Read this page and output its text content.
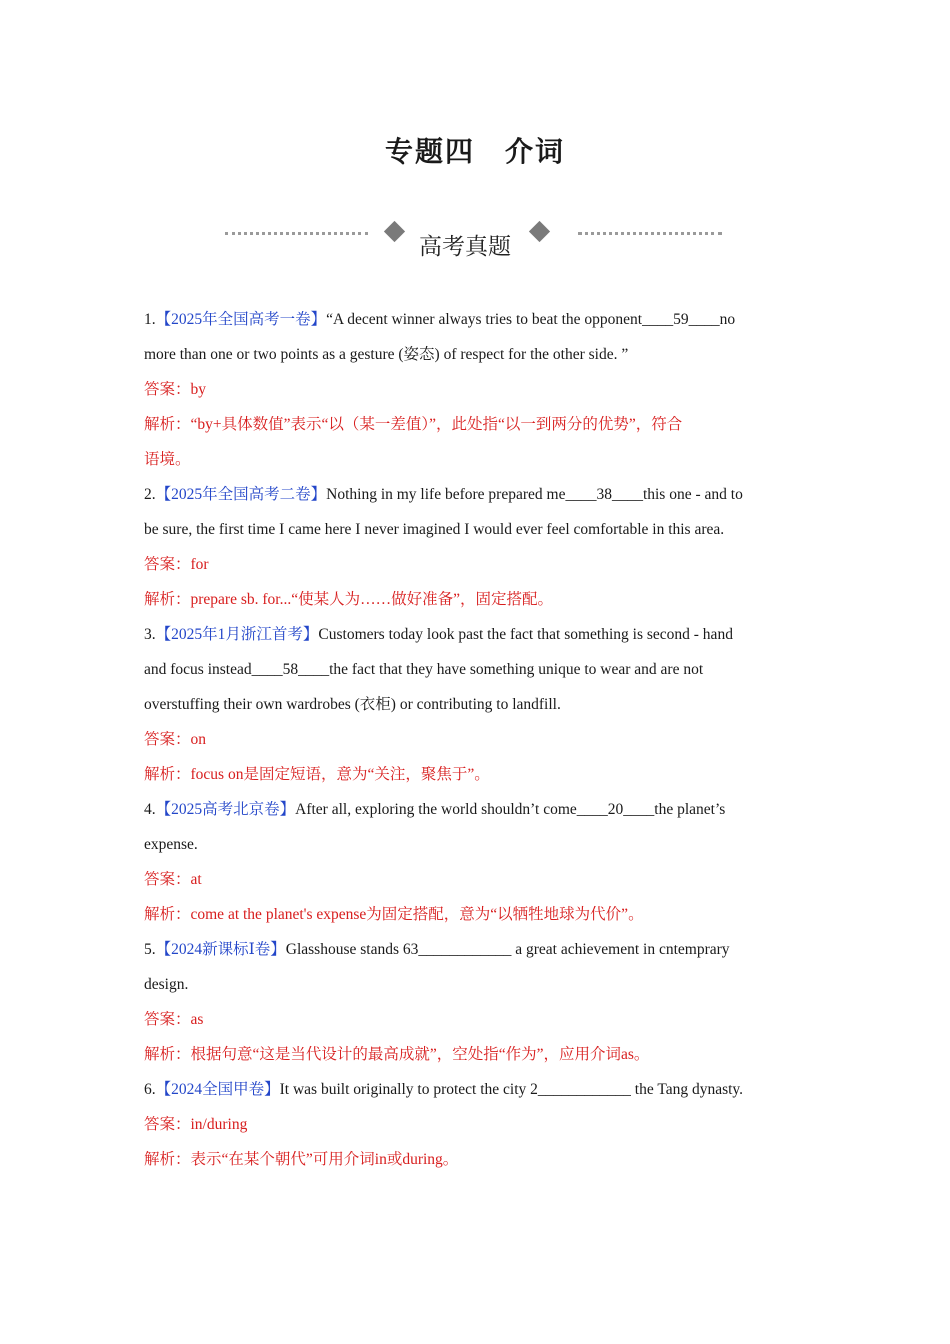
专题四　介词
高考真题
1.【2025年全国高考一卷】“A decent winner always tries to beat the opponent____59____no
more than one or two points as a gesture (姿态) of respect for the other side. ”
答案：by
解析：“by+具体数值”表示“以（某一差值）”，此处指“以一到两分的优势”，符合
语境。
2.【2025年全国高考二卷】Nothing in my life before prepared me____38____this one - and to
be sure, the first time I came here I never imagined I would ever feel comfortable in this area.
答案：for
解析：prepare sb. for...“使某人为……做好准备”，固定搭配。
3.【2025年1月浙江首考】Customers today look past the fact that something is second - hand
and focus instead____58____the fact that they have something unique to wear and are not
overstuffing their own wardrobes (衣柜) or contributing to landfill.
答案：on
解析：focus on是固定短语，意为“关注，聚焦于”。
4.【2025高考北京卷】After all, exploring the world shouldn’t come____20____the planet’s
expense.
答案：at
解析：come at the planet's expense为固定搭配，意为“以牺牲地球为代价”。
5.【2024新课标Ⅰ卷】Glasshouse stands 63____________ a great achievement in cntemprary
design.
答案：as
解析：根据句意“这是当代设计的最高成就”，空处指“作为”，应用介词as。
6.【2024全国甲卷】It was built originally to protect the city 2____________ the Tang dynasty.
答案：in/during
解析：表示“在某个朝代”可用介词in或during。
